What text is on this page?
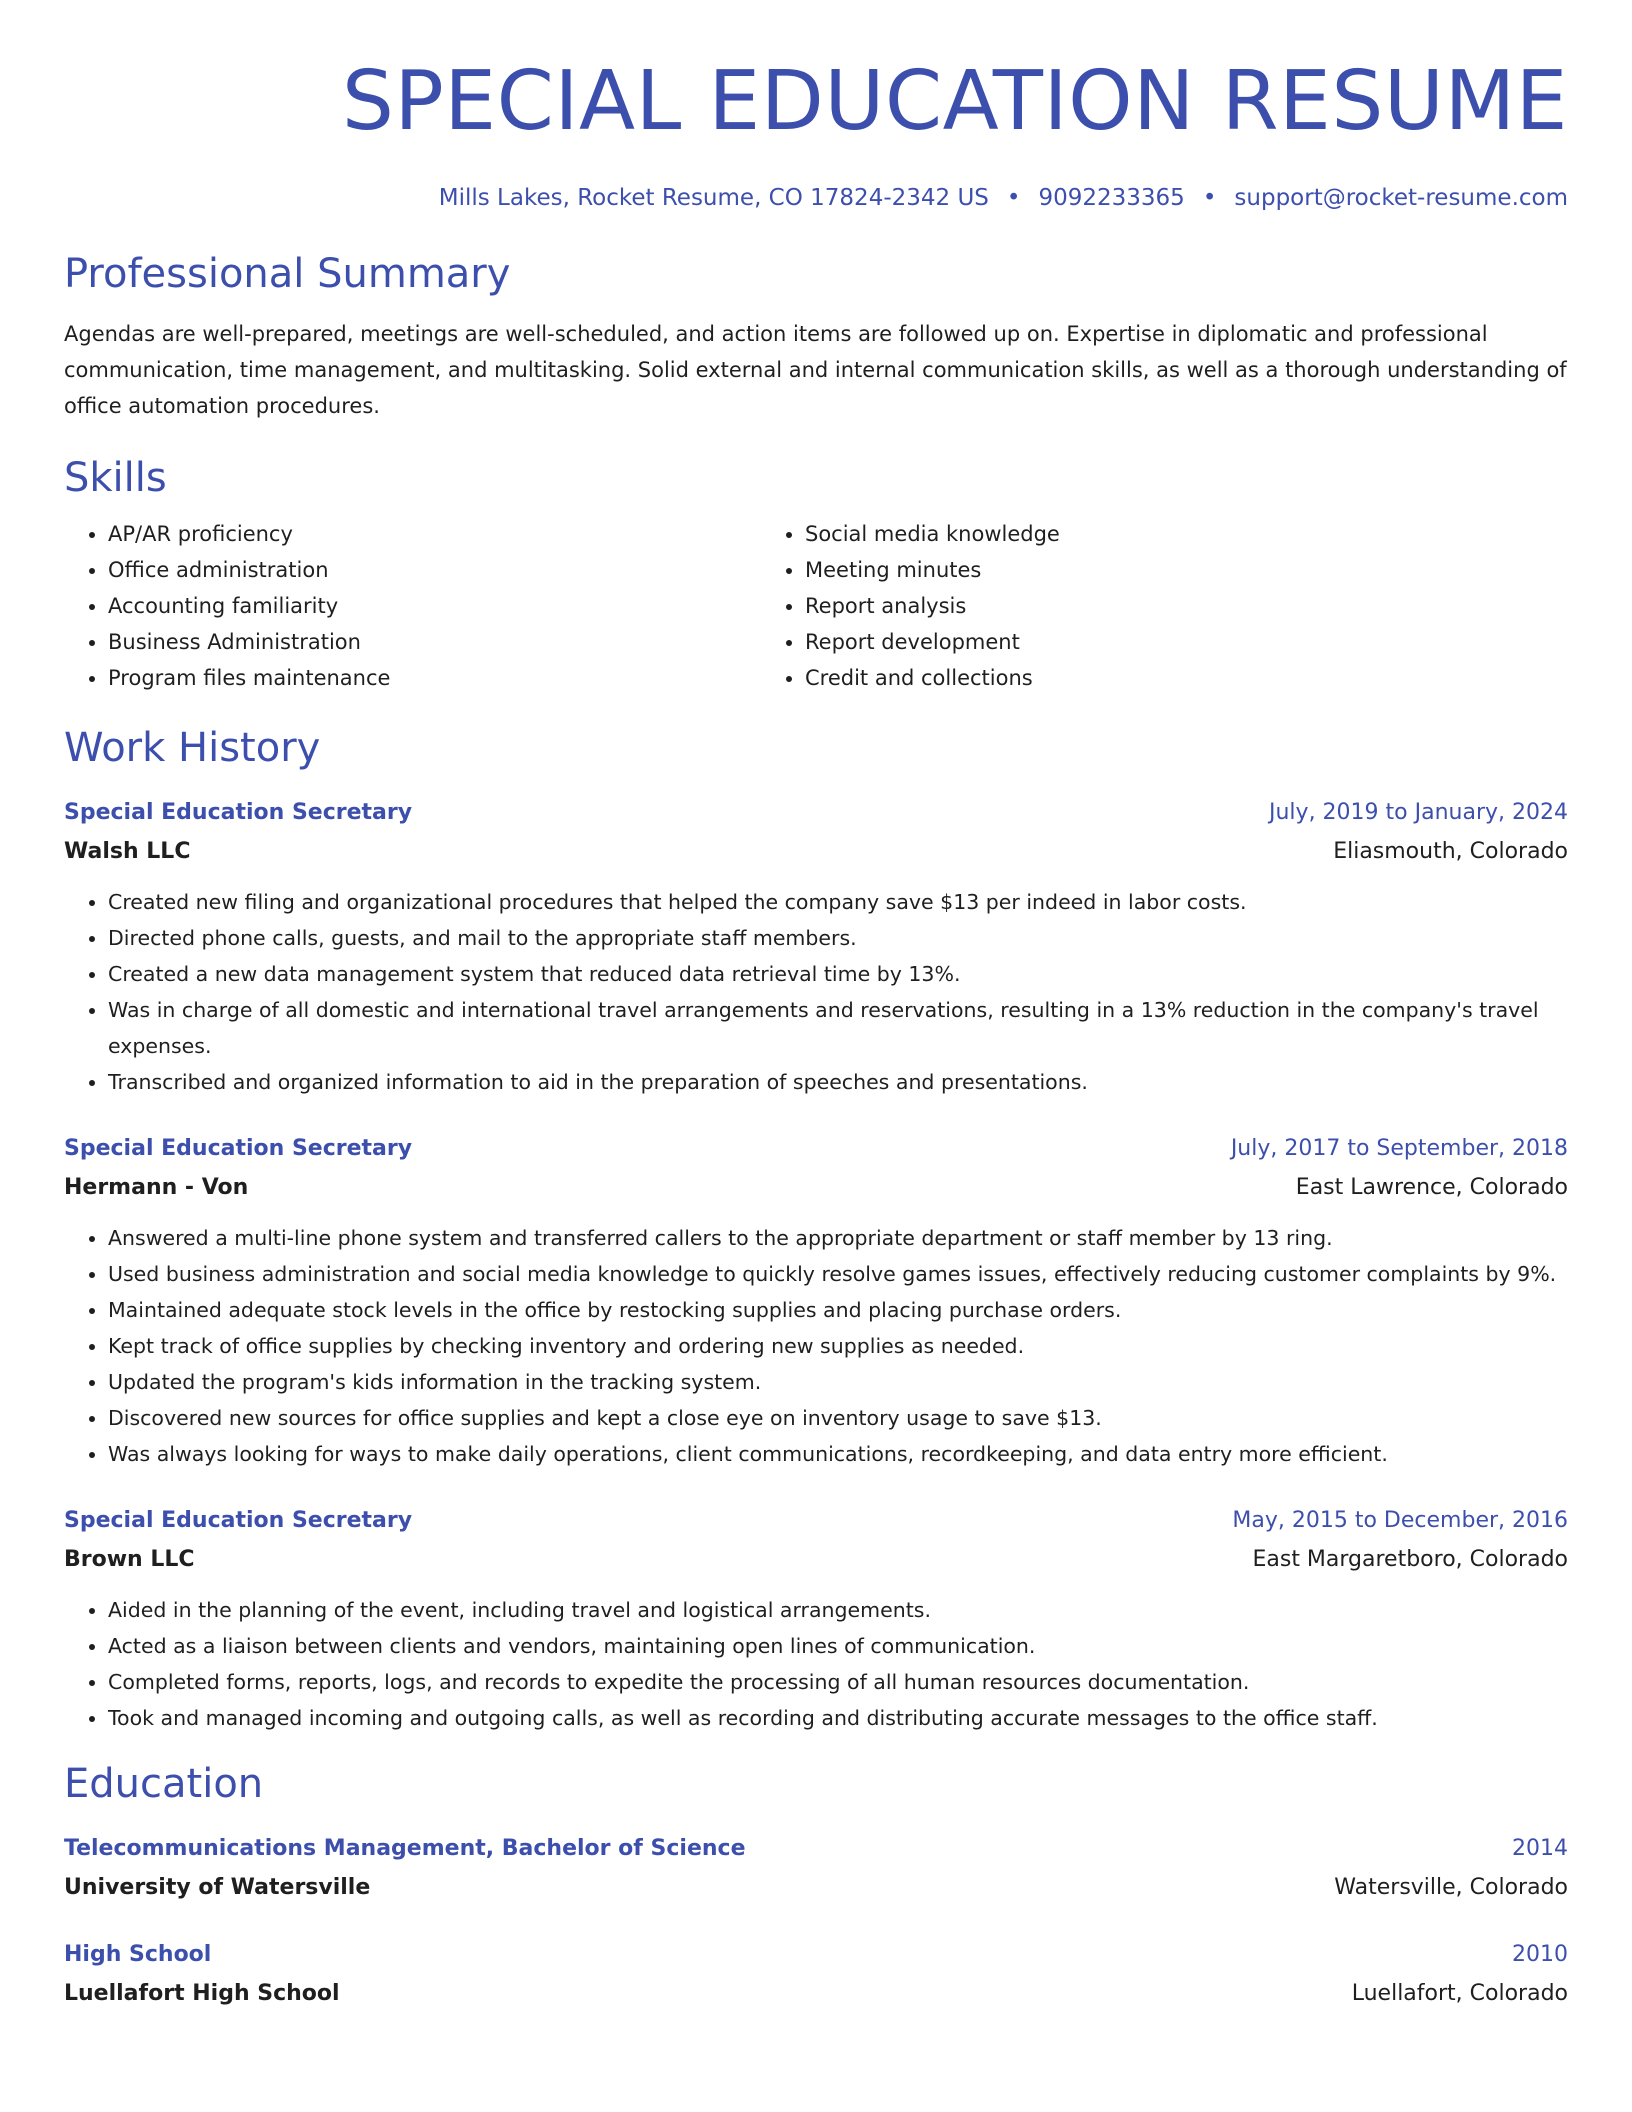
SPECIAL EDUCATION RESUME
Mills Lakes, Rocket Resume, CO 17824-2342 US • 9092233365 • support@rocket-resume.com
Professional Summary
Agendas are well-prepared, meetings are well-scheduled, and action items are followed up on. Expertise in diplomatic and professional communication, time management, and multitasking. Solid external and internal communication skills, as well as a thorough understanding of office automation procedures.
Skills
• AP/AR proficiency
• Office administration
• Accounting familiarity
• Business Administration
• Program files maintenance
• Social media knowledge
• Meeting minutes
• Report analysis
• Report development
• Credit and collections
Work History
Special Education Secretary	July, 2019 to January, 2024
Walsh LLC	Eliasmouth, Colorado
• Created new filing and organizational procedures that helped the company save $13 per indeed in labor costs.
• Directed phone calls, guests, and mail to the appropriate staff members.
• Created a new data management system that reduced data retrieval time by 13%.
• Was in charge of all domestic and international travel arrangements and reservations, resulting in a 13% reduction in the company's travel expenses.
• Transcribed and organized information to aid in the preparation of speeches and presentations.
Special Education Secretary	July, 2017 to September, 2018
Hermann - Von	East Lawrence, Colorado
• Answered a multi-line phone system and transferred callers to the appropriate department or staff member by 13 ring.
• Used business administration and social media knowledge to quickly resolve games issues, effectively reducing customer complaints by 9%.
• Maintained adequate stock levels in the office by restocking supplies and placing purchase orders.
• Kept track of office supplies by checking inventory and ordering new supplies as needed.
• Updated the program's kids information in the tracking system.
• Discovered new sources for office supplies and kept a close eye on inventory usage to save $13.
• Was always looking for ways to make daily operations, client communications, recordkeeping, and data entry more efficient.
Special Education Secretary	May, 2015 to December, 2016
Brown LLC	East Margaretboro, Colorado
• Aided in the planning of the event, including travel and logistical arrangements.
• Acted as a liaison between clients and vendors, maintaining open lines of communication.
• Completed forms, reports, logs, and records to expedite the processing of all human resources documentation.
• Took and managed incoming and outgoing calls, as well as recording and distributing accurate messages to the office staff.
Education
Telecommunications Management, Bachelor of Science	2014
University of Watersville	Watersville, Colorado
High School	2010
Luellafort High School	Luellafort, Colorado
